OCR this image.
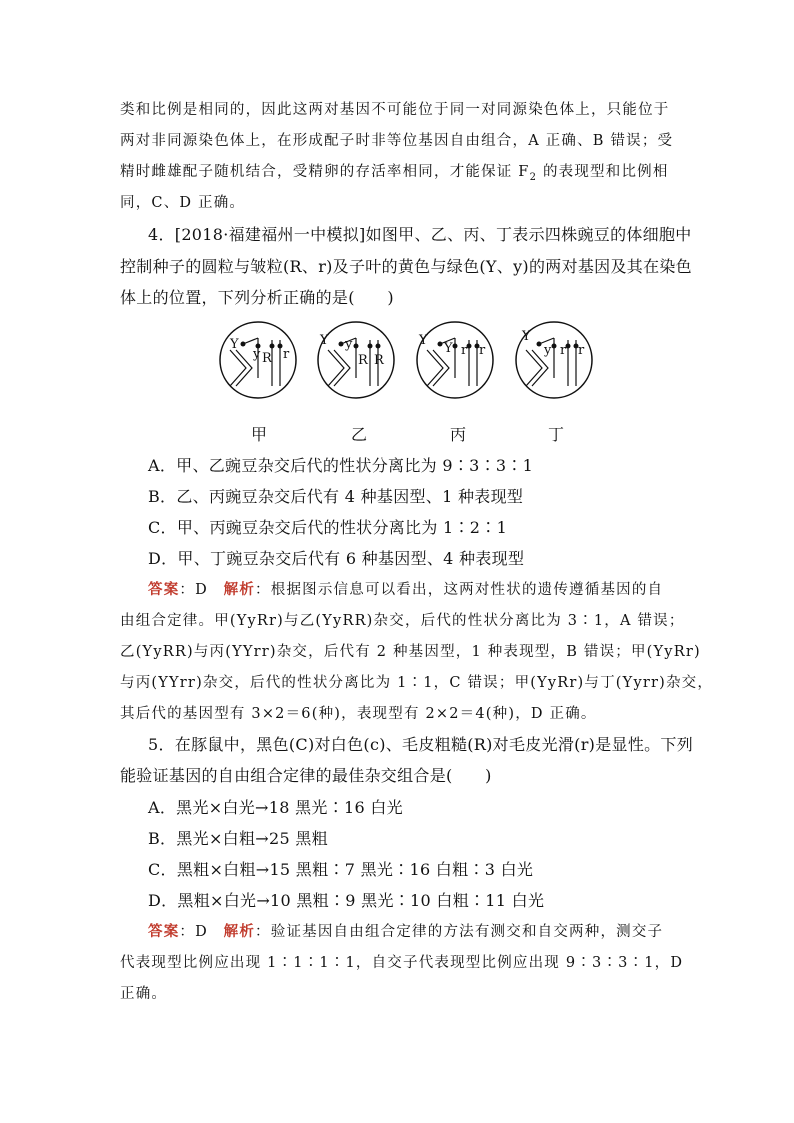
类和比例是相同的，因此这两对基因不可能位于同一对同源染色体上，只能位于
两对非同源染色体上，在形成配子时非等位基因自由组合，A 正确、B 错误；受
精时雌雄配子随机结合，受精卵的存活率相同，才能保证 $F_2$ 的表现型和比例相
同，C、D 正确。
4．[2018·福建福州一中模拟]如图甲、乙、丙、丁表示四株豌豆的体细胞中
控制种子的圆粒与皱粒(R、r)及子叶的黄色与绿色(Y、y)的两对基因及其在染色
体上的位置，下列分析正确的是(　　)
Y
y R r
Y y
R R
Y
Y r r
Y
y r r
甲	乙	丙	丁
A．甲、乙豌豆杂交后代的性状分离比为 9∶3∶3∶1
B．乙、丙豌豆杂交后代有 4 种基因型、1 种表现型
C．甲、丙豌豆杂交后代的性状分离比为 1∶2∶1
D．甲、丁豌豆杂交后代有 6 种基因型、4 种表现型
答案：D　解析：根据图示信息可以看出，这两对性状的遗传遵循基因的自
由组合定律。甲(YyRr)与乙(YyRR)杂交，后代的性状分离比为 3∶1，A 错误；
乙(YyRR)与丙(YYrr)杂交，后代有 2 种基因型，1 种表现型，B 错误；甲(YyRr)
与丙(YYrr)杂交，后代的性状分离比为 1∶1，C 错误；甲(YyRr)与丁(Yyrr)杂交，
其后代的基因型有 3×2＝6(种)，表现型有 2×2＝4(种)，D 正确。
5．在豚鼠中，黑色(C)对白色(c)、毛皮粗糙(R)对毛皮光滑(r)是显性。下列
能验证基因的自由组合定律的最佳杂交组合是(　　)
A．黑光×白光→18 黑光∶16 白光
B．黑光×白粗→25 黑粗
C．黑粗×白粗→15 黑粗∶7 黑光∶16 白粗∶3 白光
D．黑粗×白光→10 黑粗∶9 黑光∶10 白粗∶11 白光
答案：D　解析：验证基因自由组合定律的方法有测交和自交两种，测交子
代表现型比例应出现 1∶1∶1∶1，自交子代表现型比例应出现 9∶3∶3∶1，D
正确。
